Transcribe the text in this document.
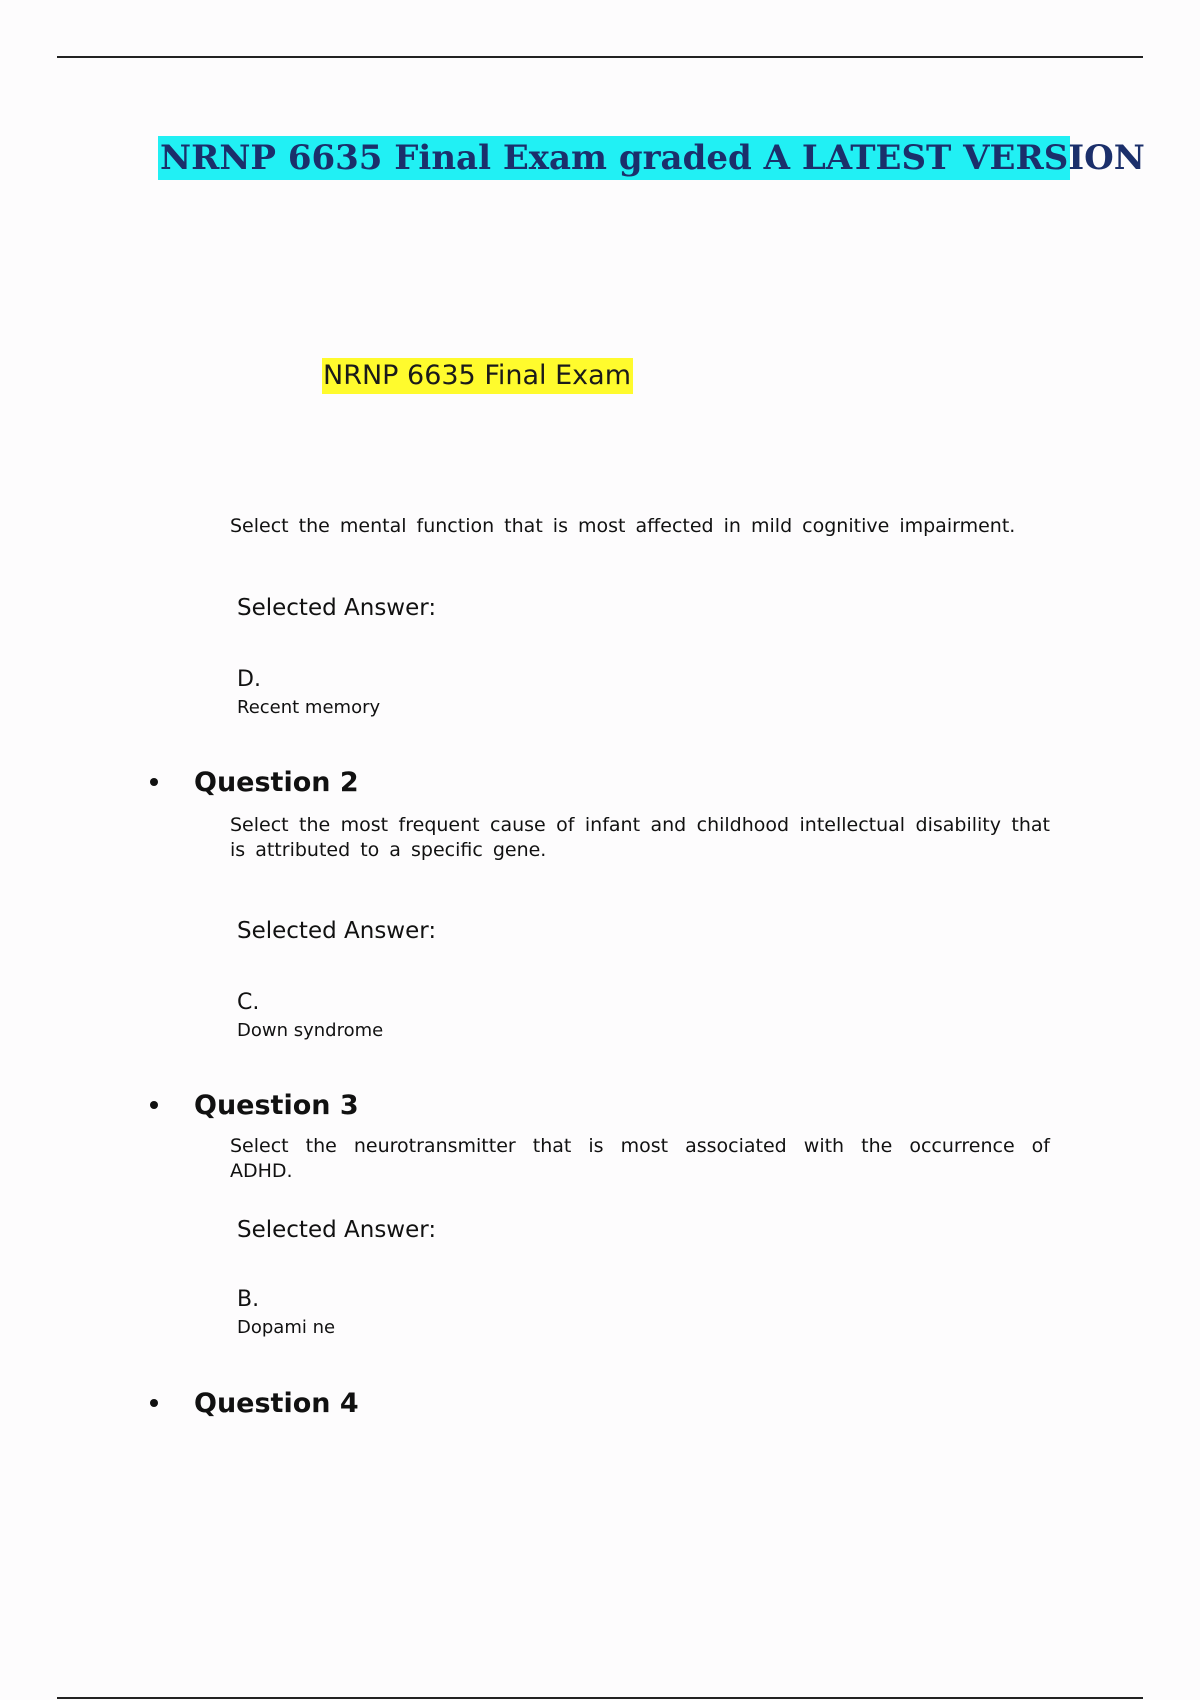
NRNP 6635 Final Exam graded A LATEST VERSION
NRNP 6635 Final Exam
Select the mental function that is most affected in mild cognitive impairment.
Selected Answer:
D.
Recent memory
Question 2
Select the most frequent cause of infant and childhood intellectual disability that is attributed to a specific gene.
Selected Answer:
C.
Down syndrome
Question 3
Select the neurotransmitter that is most associated with the occurrence of ADHD.
Selected Answer:
B.
Dopami ne
Question 4
